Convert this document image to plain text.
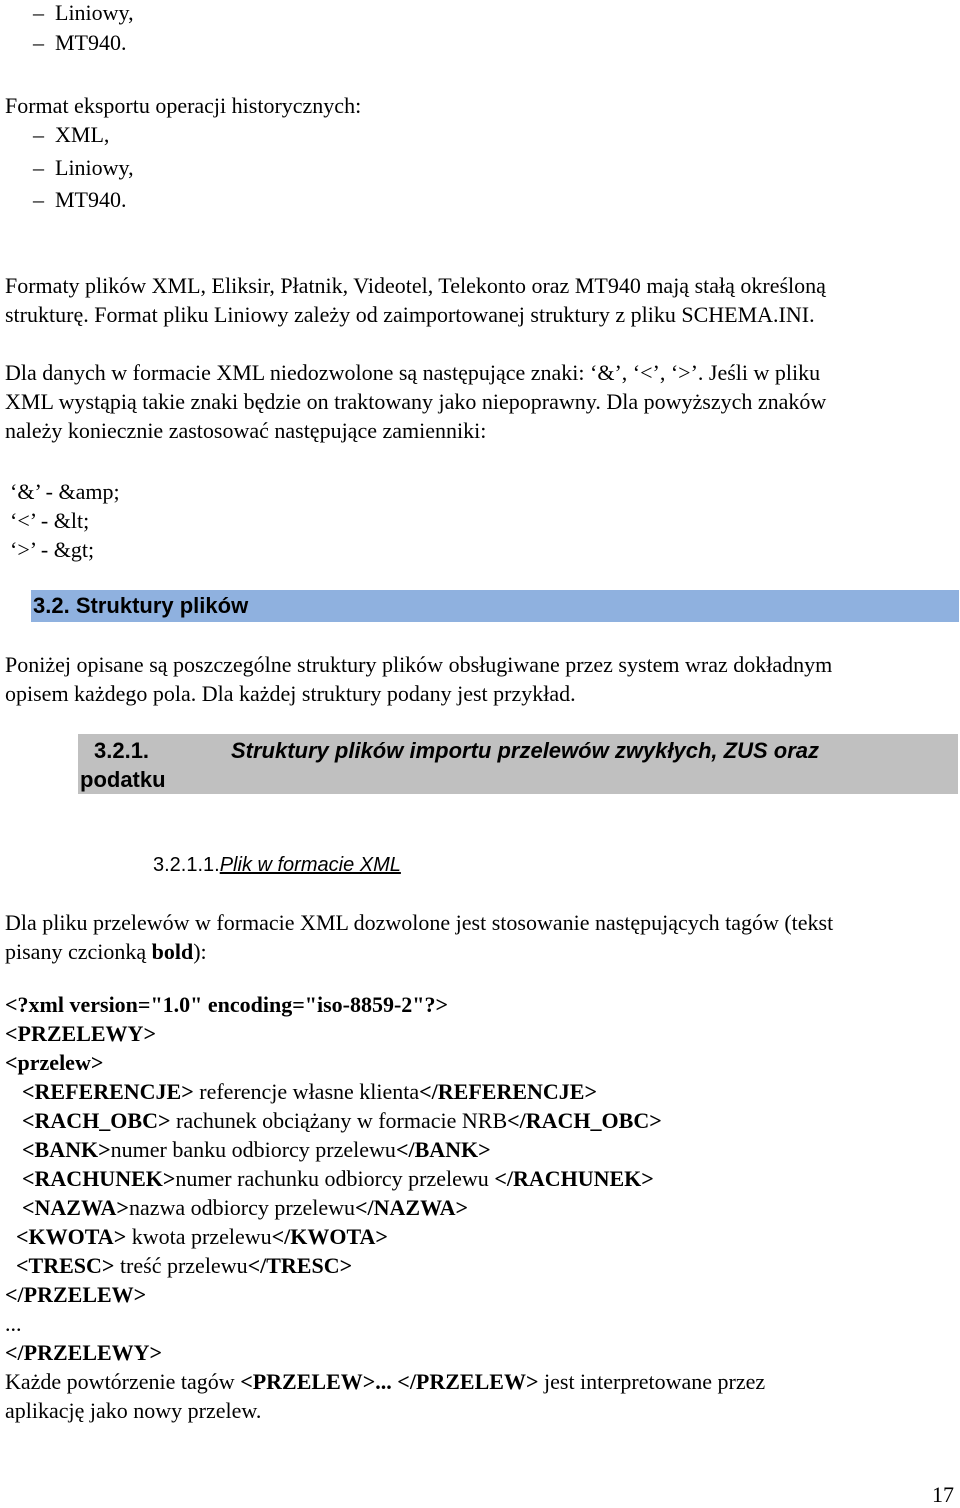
– Liniowy,
– MT940.
Format eksportu operacji historycznych:
– XML,
– Liniowy,
– MT940.
Formaty plików XML, Eliksir, Płatnik, Videotel, Telekonto oraz MT940 mają stałą określoną
strukturę. Format pliku Liniowy zależy od zaimportowanej struktury z pliku SCHEMA.INI.
Dla danych w formacie XML niedozwolone są następujące znaki: ‘&’, ‘<’, ‘>’. Jeśli w pliku
XML wystąpią takie znaki będzie on traktowany jako niepoprawny. Dla powyższych znaków
należy koniecznie zastosować następujące zamienniki:
‘&’ - &amp;
‘<’ - &lt;
‘>’ - &gt;
3.2. Struktury plików
Poniżej opisane są poszczególne struktury plików obsługiwane przez system wraz dokładnym
opisem każdego pola. Dla każdej struktury podany jest przykład.
3.2.1.	Struktury plików importu przelewów zwykłych, ZUS oraz
podatku
3.2.1.1.Plik w formacie XML
Dla pliku przelewów w formacie XML dozwolone jest stosowanie następujących tagów (tekst
pisany czcionką bold):
<?xml version="1.0" encoding="iso-8859-2"?>
<PRZELEWY>
<przelew>
<REFERENCJE> referencje własne klienta</REFERENCJE>
<RACH_OBC> rachunek obciążany w formacie NRB</RACH_OBC>
<BANK>numer banku odbiorcy przelewu</BANK>
<RACHUNEK>numer rachunku odbiorcy przelewu </RACHUNEK>
<NAZWA>nazwa odbiorcy przelewu</NAZWA>
<KWOTA> kwota przelewu</KWOTA>
<TRESC> treść przelewu</TRESC>
</PRZELEW>
...
</PRZELEWY>
Każde powtórzenie tagów <PRZELEW>... </PRZELEW> jest interpretowane przez
aplikację jako nowy przelew.
17
